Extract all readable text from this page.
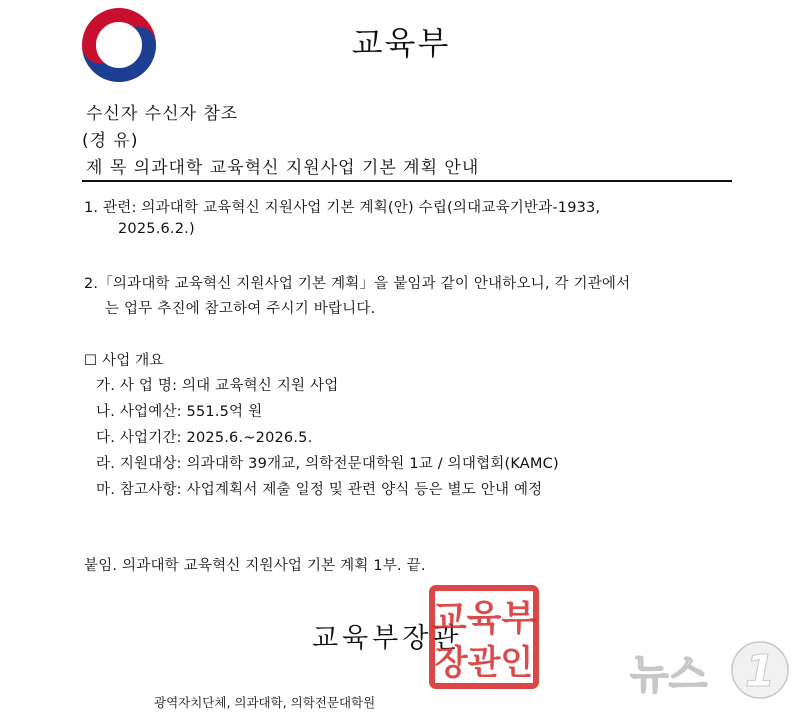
교육부
수신자 수신자 참조
(경 유)
제 목 의과대학 교육혁신 지원사업 기본 계획 안내
1. 관련: 의과대학 교육혁신 지원사업 기본 계획(안) 수립(의대교육기반과-1933,
2025.6.2.)
2.「의과대학 교육혁신 지원사업 기본 계획」을 붙임과 같이 안내하오니, 각 기관에서
는 업무 추진에 참고하여 주시기 바랍니다.
☐ 사업 개요
가. 사 업 명: 의대 교육혁신 지원 사업
나. 사업예산: 551.5억 원
다. 사업기간: 2025.6.~2026.5.
라. 지원대상: 의과대학 39개교, 의학전문대학원 1교 / 의대협회(KAMC)
마. 참고사항: 사업계획서 제출 일정 및 관련 양식 등은 별도 안내 예정
붙임. 의과대학 교육혁신 지원사업 기본 계획 1부. 끝.
교육부장관
교육부
장관인
광역자치단체, 의과대학, 의학전문대학원
뉴스 1
